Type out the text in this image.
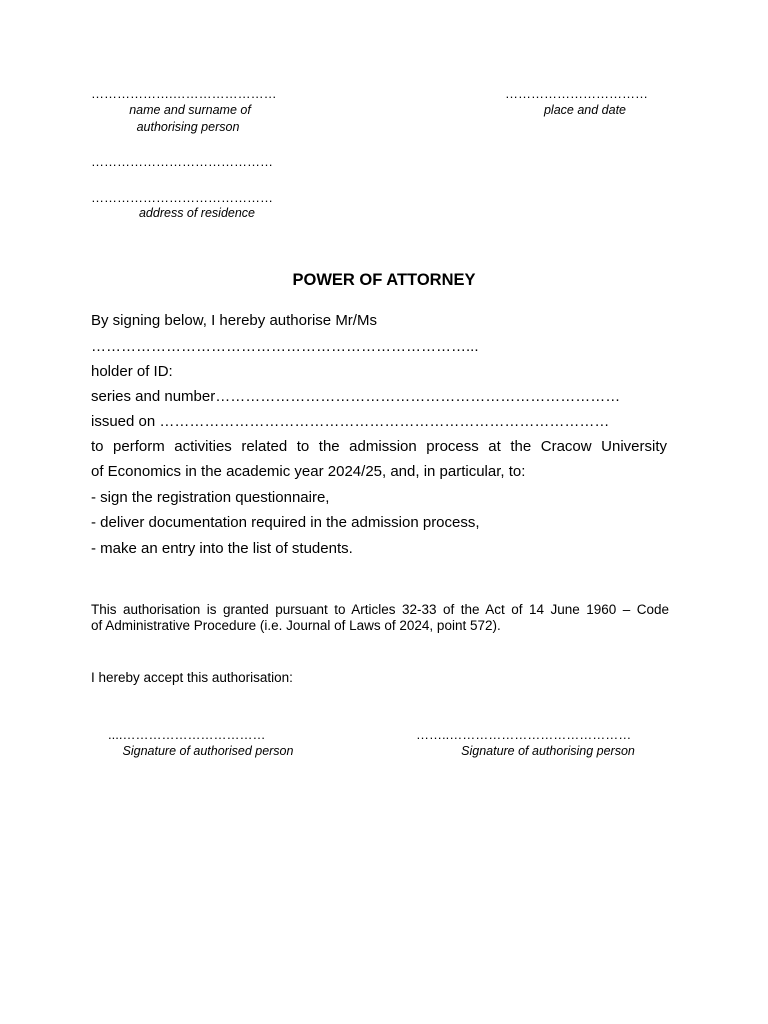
……………….……………………
name and surname of
authorising person
……………………………
place and date
……………………………………
……………………………………
address of residence
POWER OF ATTORNEY
By signing below, I hereby authorise Mr/Ms
…………………………………………………………………...
holder of ID:
series and number………………………………………………………………………
issued on ………………………………………………………………………………
to perform activities related to the admission process at the Cracow University
of Economics in the academic year 2024/25, and, in particular, to:
- sign the registration questionnaire,
- deliver documentation required in the admission process,
- make an entry into the list of students.
This authorisation is granted pursuant to Articles 32-33 of the Act of 14 June 1960 – Code
of Administrative Procedure (i.e. Journal of Laws of 2024, point 572).
I hereby accept this authorisation:
....……………………………
Signature of authorised person
……..……………………………………
Signature of authorising person
